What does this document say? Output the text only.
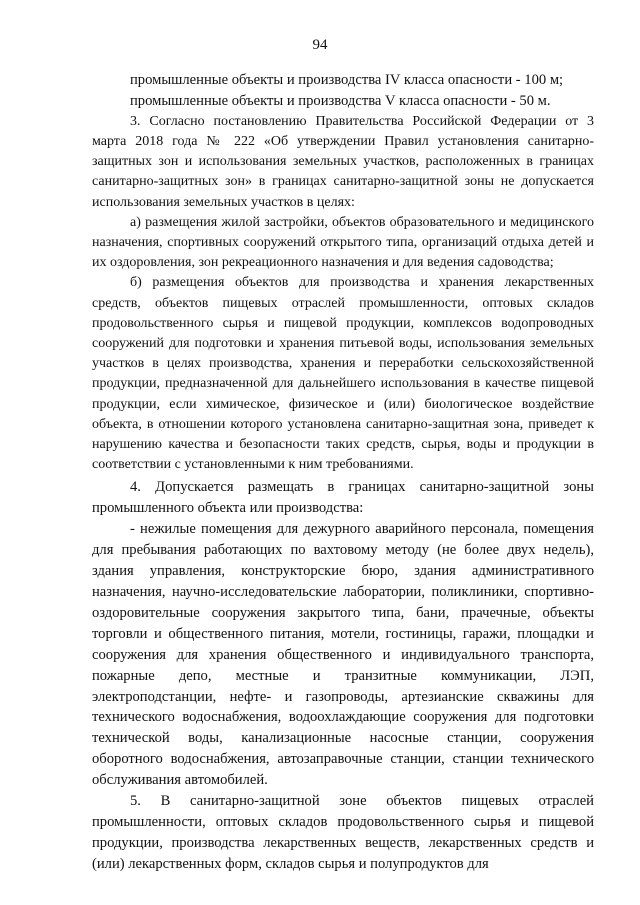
94

промышленные объекты и производства IV класса опасности - 100 м;

промышленные объекты и производства V класса опасности - 50 м.

3. Согласно постановлению Правительства Российской Федерации от 3 марта 2018 года № 222 «Об утверждении Правил установления санитарно-защитных зон и использования земельных участков, расположенных в границах санитарно-защитных зон» в границах санитарно-защитной зоны не допускается использования земельных участков в целях:

а) размещения жилой застройки, объектов образовательного и медицинского назначения, спортивных сооружений открытого типа, организаций отдыха детей и их оздоровления, зон рекреационного назначения и для ведения садоводства;

б) размещения объектов для производства и хранения лекарственных средств, объектов пищевых отраслей промышленности, оптовых складов продовольственного сырья и пищевой продукции, комплексов водопроводных сооружений для подготовки и хранения питьевой воды, использования земельных участков в целях производства, хранения и переработки сельскохозяйственной продукции, предназначенной для дальнейшего использования в качестве пищевой продукции, если химическое, физическое и (или) биологическое воздействие объекта, в отношении которого установлена санитарно-защитная зона, приведет к нарушению качества и безопасности таких средств, сырья, воды и продукции в соответствии с установленными к ним требованиями.

4. Допускается размещать в границах санитарно-защитной зоны промышленного объекта или производства:

- нежилые помещения для дежурного аварийного персонала, помещения для пребывания работающих по вахтовому методу (не более двух недель), здания управления, конструкторские бюро, здания административного назначения, научно-исследовательские лаборатории, поликлиники, спортивно-оздоровительные сооружения закрытого типа, бани, прачечные, объекты торговли и общественного питания, мотели, гостиницы, гаражи, площадки и сооружения для хранения общественного и индивидуального транспорта, пожарные депо, местные и транзитные коммуникации, ЛЭП, электроподстанции, нефте- и газопроводы, артезианские скважины для технического водоснабжения, водоохлаждающие сооружения для подготовки технической воды, канализационные насосные станции, сооружения оборотного водоснабжения, автозаправочные станции, станции технического обслуживания автомобилей.

5. В санитарно-защитной зоне объектов пищевых отраслей промышленности, оптовых складов продовольственного сырья и пищевой продукции, производства лекарственных веществ, лекарственных средств и (или) лекарственных форм, складов сырья и полупродуктов для
